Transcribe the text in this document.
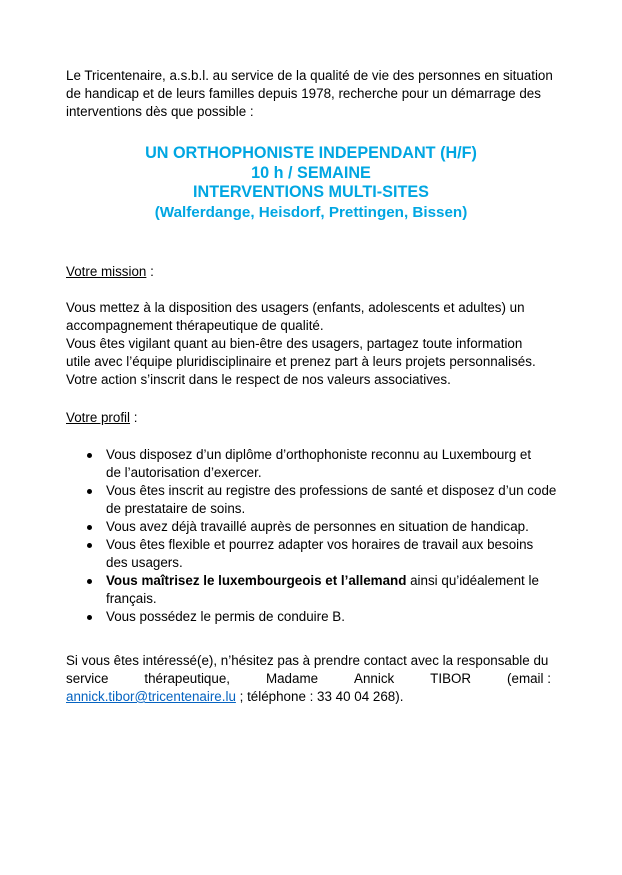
Le Tricentenaire, a.s.b.l. au service de la qualité de vie des personnes en situation
de handicap et de leurs familles depuis 1978, recherche pour un démarrage des
interventions dès que possible :
UN ORTHOPHONISTE INDEPENDANT (H/F)
10 h / SEMAINE
INTERVENTIONS MULTI-SITES
(Walferdange, Heisdorf, Prettingen, Bissen)
Votre mission :
Vous mettez à la disposition des usagers (enfants, adolescents et adultes) un
accompagnement thérapeutique de qualité.
Vous êtes vigilant quant au bien-être des usagers, partagez toute information
utile avec l’équipe pluridisciplinaire et prenez part à leurs projets personnalisés.
Votre action s’inscrit dans le respect de nos valeurs associatives.
Votre profil :
Vous disposez d’un diplôme d’orthophoniste reconnu au Luxembourg et
de l’autorisation d’exercer.
Vous êtes inscrit au registre des professions de santé et disposez d’un code
de prestataire de soins.
Vous avez déjà travaillé auprès de personnes en situation de handicap.
Vous êtes flexible et pourrez adapter vos horaires de travail aux besoins
des usagers.
Vous maîtrisez le luxembourgeois et l’allemand ainsi qu’idéalement le
français.
Vous possédez le permis de conduire B.
Si vous êtes intéressé(e), n’hésitez pas à prendre contact avec la responsable du
service	thérapeutique,	Madame	Annick	TIBOR	(email :
annick.tibor@tricentenaire.lu ; téléphone : 33 40 04 268).
